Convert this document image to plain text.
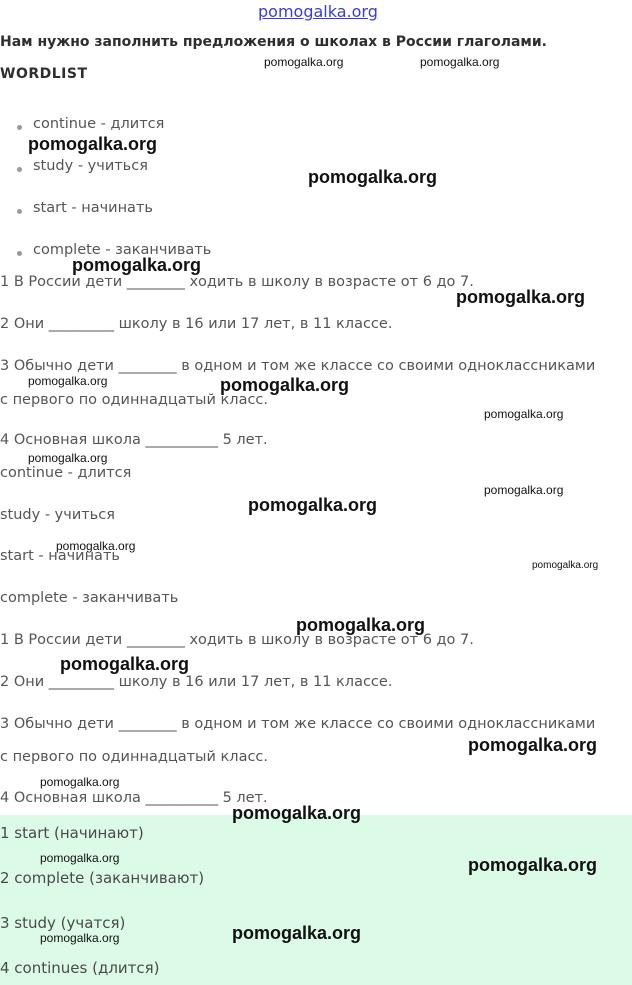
pomogalka.org
Нам нужно заполнить предложения о школах в России глаголами.
WORDLIST
continue - длится
study - учиться
start - начинать
complete - заканчивать
1 В России дети ________ ходить в школу в возрасте от 6 до 7.
2 Они _________ школу в 16 или 17 лет, в 11 классе.
3 Обычно дети ________ в одном и том же классе со своими одноклассниками
с первого по одиннадцатый класс.
4 Основная школа __________ 5 лет.
continue - длится
study - учиться
start - начинать
complete - заканчивать
1 В России дети ________ ходить в школу в возрасте от 6 до 7.
2 Они _________ школу в 16 или 17 лет, в 11 классе.
3 Обычно дети ________ в одном и том же классе со своими одноклассниками
с первого по одиннадцатый класс.
4 Основная школа __________ 5 лет.
1 start (начинают)
2 complete (заканчивают)
3 study (учатся)
4 continues (длится)
pomogalka.org	pomogalka.org
pomogalka.org
pomogalka.org
pomogalka.org
pomogalka.org
pomogalka.org	pomogalka.org
pomogalka.org
pomogalka.org
pomogalka.org
pomogalka.org
pomogalka.org
pomogalka.org
pomogalka.org
pomogalka.org
pomogalka.org
pomogalka.org
pomogalka.org
pomogalka.org	pomogalka.org
pomogalka.org	pomogalka.org
